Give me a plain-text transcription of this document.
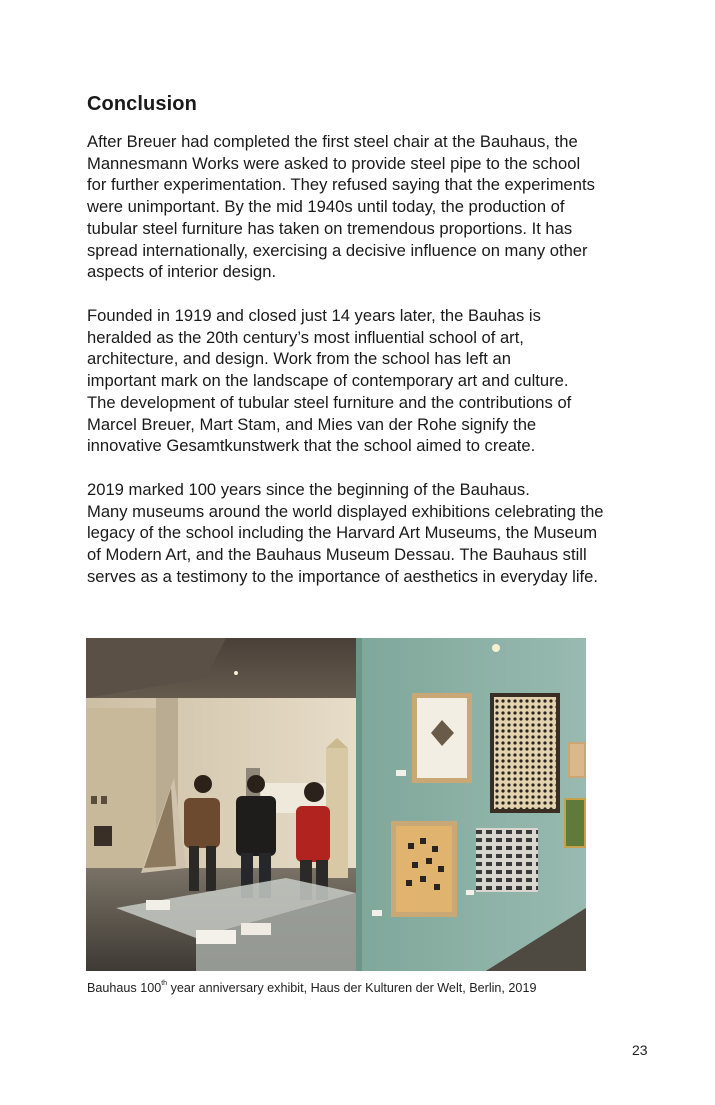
Conclusion
After Breuer had completed the first steel chair at the Bauhaus, the
Mannesmann Works were asked to provide steel pipe to the school
for further experimentation. They refused saying that the experiments
were unimportant. By the mid 1940s until today, the production of
tubular steel furniture has taken on tremendous proportions. It has
spread internationally, exercising a decisive influence on many other
aspects of interior design.
Founded in 1919 and closed just 14 years later, the Bauhas is
heralded as the 20th century’s most influential school of art,
architecture, and design. Work from the school has left an
important mark on the landscape of contemporary art and culture.
The development of tubular steel furniture and the contributions of
Marcel Breuer, Mart Stam, and Mies van der Rohe signify the
innovative Gesamtkunstwerk that the school aimed to create.
2019 marked 100 years since the beginning of the Bauhaus.
Many museums around the world displayed exhibitions celebrating the
legacy of the school including the Harvard Art Museums, the Museum
of Modern Art, and the Bauhaus Museum Dessau. The Bauhaus still
serves as a testimony to the importance of aesthetics in everyday life.
Bauhaus 100th year anniversary exhibit, Haus der Kulturen der Welt, Berlin, 2019
23
